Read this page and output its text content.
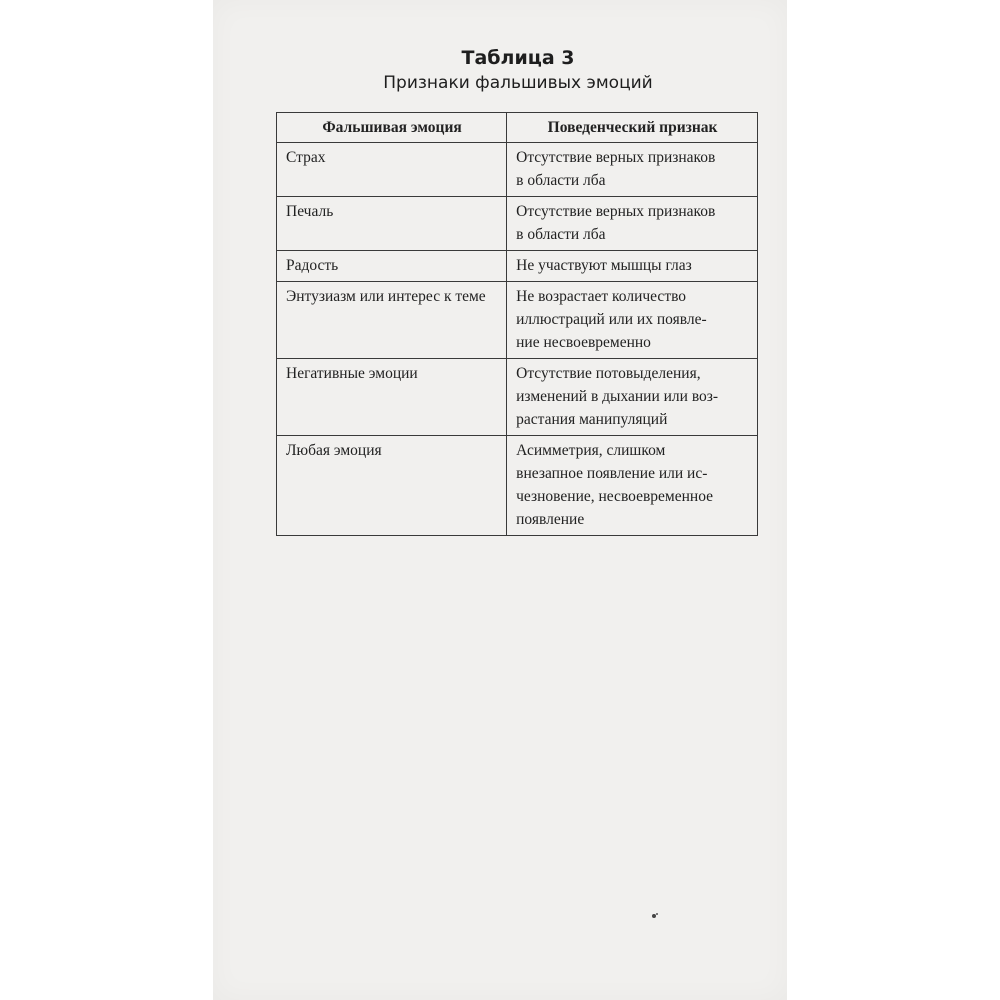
Таблица 3
Признаки фальшивых эмоций
Фальшивая эмоция	Поведенческий признак
Страх	Отсутствие верных признаков
в области лба
Печаль	Отсутствие верных признаков
в области лба
Радость	Не участвуют мышцы глаз
Энтузиазм или интерес к теме	Не возрастает количество
иллюстраций или их появле-
ние несвоевременно
Негативные эмоции	Отсутствие потовыделения,
изменений в дыхании или воз-
растания манипуляций
Любая эмоция	Асимметрия, слишком
внезапное появление или ис-
чезновение, несвоевременное
появление
